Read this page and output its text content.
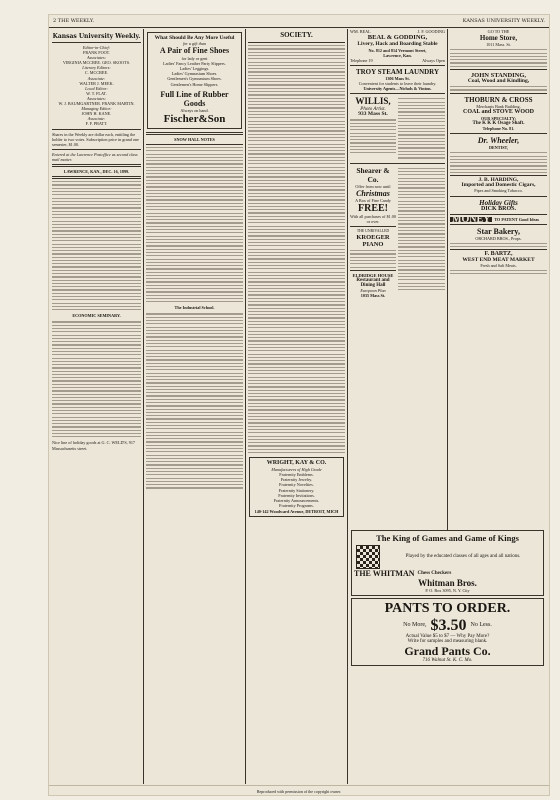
2 THE WEEKLY.	KANSAS UNIVERSITY WEEKLY.
Kansas University Weekly.
Editor-in-Chief:
FRANK FOOT.
Associates:
VIRGINIA MCCREE. GEO. SKOOTS.
Literary Editors:
C. MCCREE.
Associate:
WALTER J. MEEK.
Local Editor:
W. T. FLAT.
Associates:
W. J. BAUMGARTNER. FRANK MARTIN.
Managing Editor:
JOHN H. KANE.
Associate:
F. F. PRATT.
Shares in the Weekly are dollar each, entitling the holder to two votes. Subscription price in grand one semester, $1.00.
Entered at the Lawrence Postoffice as second class mail matter.
LAWRENCE, KAN., DEC. 16, 1899.
ECONOMIC SEMINARY.
Nice line of holiday goods at G. C. WELD'S, 917 Massachusetts street.
What Should Be Any More Useful
for a gift than
A Pair of Fine Shoes
for lady or gent
Ladies' Fancy Leather Party Slippers.
Ladies' Leggings.
Ladies' Gymnasium Shoes.
Gentlemen's Gymnasium Shoes.
Gentlemen's Home Slippers.
Full Line of Rubber Goods
Always on hand.
Fischer&Son
SNOW HALL NOTES
The Industrial School.
SOCIETY.
WRIGHT, KAY & CO.
Manufacturers of High Grade
Fraternity Emblems.
Fraternity Jewelry.
Fraternity Novelties.
Fraternity Stationery.
Fraternity Invitations.
Fraternity Announcements.
Fraternity Programs.
140-142 Woodward Avenue, DETROIT, MICH
WM. BEAL	J. F. GOODING
BEAL & GODDING,
Livery, Hack and Boarding Stable
No. 812 and 814 Vermont Street,
Lawrence, Kan.
Telephone 19	Always Open
TROY STEAM LAUNDRY
1306 Mass St.
Convenient for students to leave their laundry.
University Agents—Nichols & Vinton.
WILLIS,
Photo Artist.
933 Mass St.
Shearer & Co.
Offer from now until
Christmas
A Box of Fine Candy
FREE!
With all purchases of $1.00 or over.
THE UNRIVALLED
KROEGER PIANO
ELDRIDGE HOUSE
Restaurant and Dining Hall
European Plan
1035 Mass St.
The King of Games and Game of Kings
Played by the educated classes of all ages and all nations.
THE WHITMAN Chess Checkers
Whitman Bros.
P. O. Box 3095, N. Y. City
PANTS TO ORDER.
No More, $3.50 No Less.
Actual Value $5 to $7 — Why Pay More?
Write for samples and measuring blank.
Grand Pants Co.
716 Walnut St. K. C. Mo.
GO TO THE
Home Store,
1011 Mass. St.
JOHN STANDING,
Coal, Wood and Kindling,
THOBURN & CROSS
Merchants Bank Building,
COAL and STOVE WOOD
OUR SPECIALTY:
The K K K Osage Shaft.
Telephone No. 81.
Dr. Wheeler,
DENTIST,
J. B. HARDING,
Imported and Domestic Cigars,
Pipes and Smoking Tobacco.
Holiday Gifts
DICK BROS.
MONEY TO PATENT Good Ideas
Star Bakery,
ORCHARD BROS., Props.
F. BARTZ,
WEST END MEAT MARKET
Fresh and Salt Meats.
Reproduced with permission of the copyright owner.
